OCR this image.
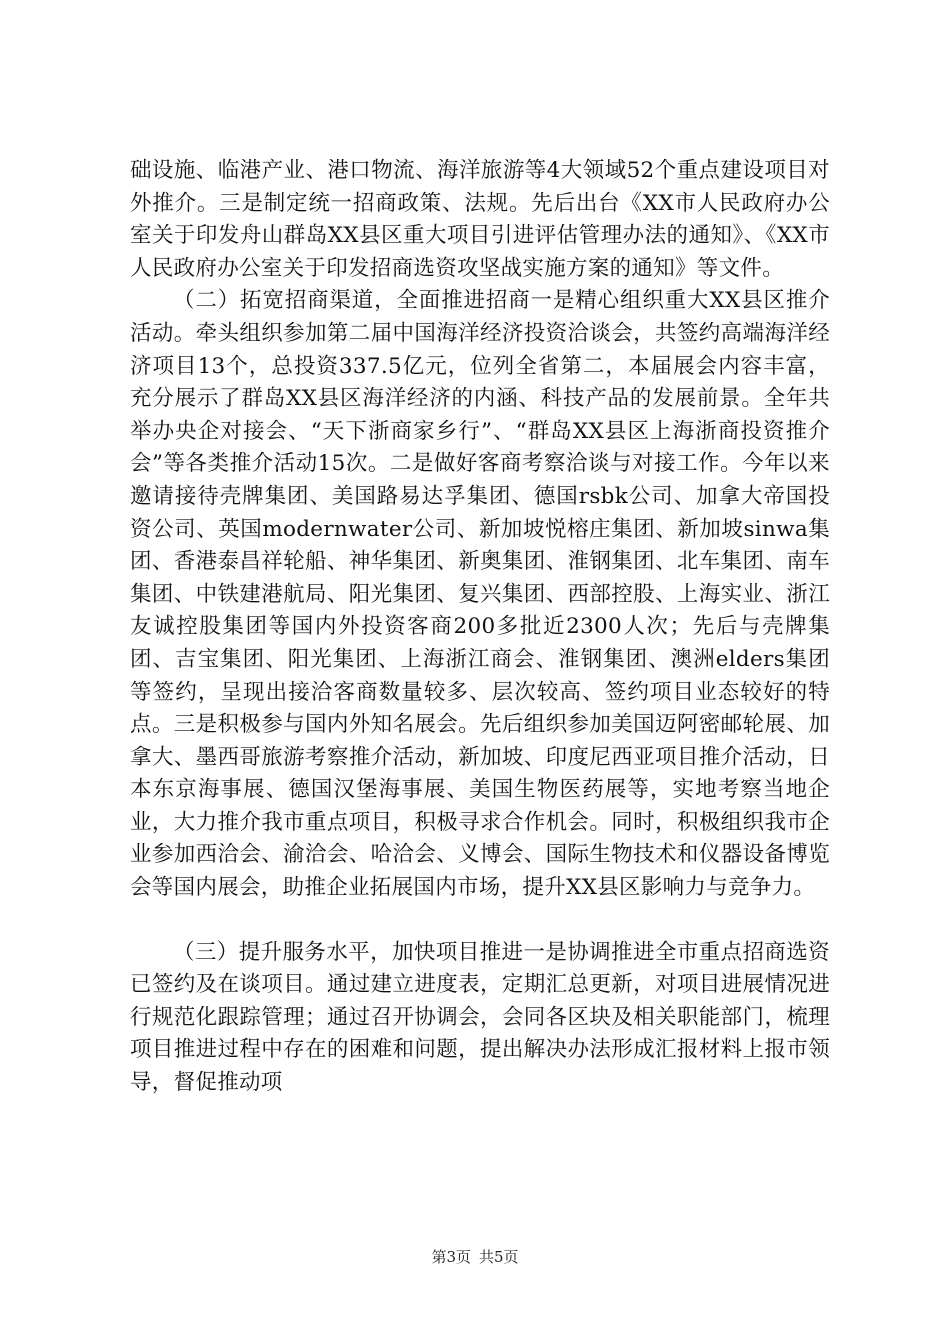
础设施、临港产业、港口物流、海洋旅游等4大领域52个重点建设项目对外推介。三是制定统一招商政策、法规。先后出台《XX市人民政府办公室关于印发舟山群岛XX县区重大项目引进评估管理办法的通知》、《XX市人民政府办公室关于印发招商选资攻坚战实施方案的通知》等文件。

（二）拓宽招商渠道，全面推进招商一是精心组织重大XX县区推介活动。牵头组织参加第二届中国海洋经济投资洽谈会，共签约高端海洋经济项目13个，总投资337.5亿元，位列全省第二，本届展会内容丰富，充分展示了群岛XX县区海洋经济的内涵、科技产品的发展前景。全年共举办央企对接会、“天下浙商家乡行”、“群岛XX县区上海浙商投资推介会”等各类推介活动15次。二是做好客商考察洽谈与对接工作。今年以来邀请接待壳牌集团、美国路易达孚集团、德国rsbk公司、加拿大帝国投资公司、英国modernwater公司、新加坡悦榕庄集团、新加坡sinwa集团、香港泰昌祥轮船、神华集团、新奥集团、淮钢集团、北车集团、南车集团、中铁建港航局、阳光集团、复兴集团、西部控股、上海实业、浙江友诚控股集团等国内外投资客商200多批近2300人次；先后与壳牌集团、吉宝集团、阳光集团、上海浙江商会、淮钢集团、澳洲elders集团等签约，呈现出接洽客商数量较多、层次较高、签约项目业态较好的特点。三是积极参与国内外知名展会。先后组织参加美国迈阿密邮轮展、加拿大、墨西哥旅游考察推介活动，新加坡、印度尼西亚项目推介活动，日本东京海事展、德国汉堡海事展、美国生物医药展等，实地考察当地企业，大力推介我市重点项目，积极寻求合作机会。同时，积极组织我市企业参加西洽会、渝洽会、哈洽会、义博会、国际生物技术和仪器设备博览会等国内展会，助推企业拓展国内市场，提升XX县区影响力与竞争力。

（三）提升服务水平，加快项目推进一是协调推进全市重点招商选资已签约及在谈项目。通过建立进度表，定期汇总更新，对项目进展情况进行规范化跟踪管理；通过召开协调会，会同各区块及相关职能部门，梳理项目推进过程中存在的困难和问题，提出解决办法形成汇报材料上报市领导，督促推动项

第3页 共5页
